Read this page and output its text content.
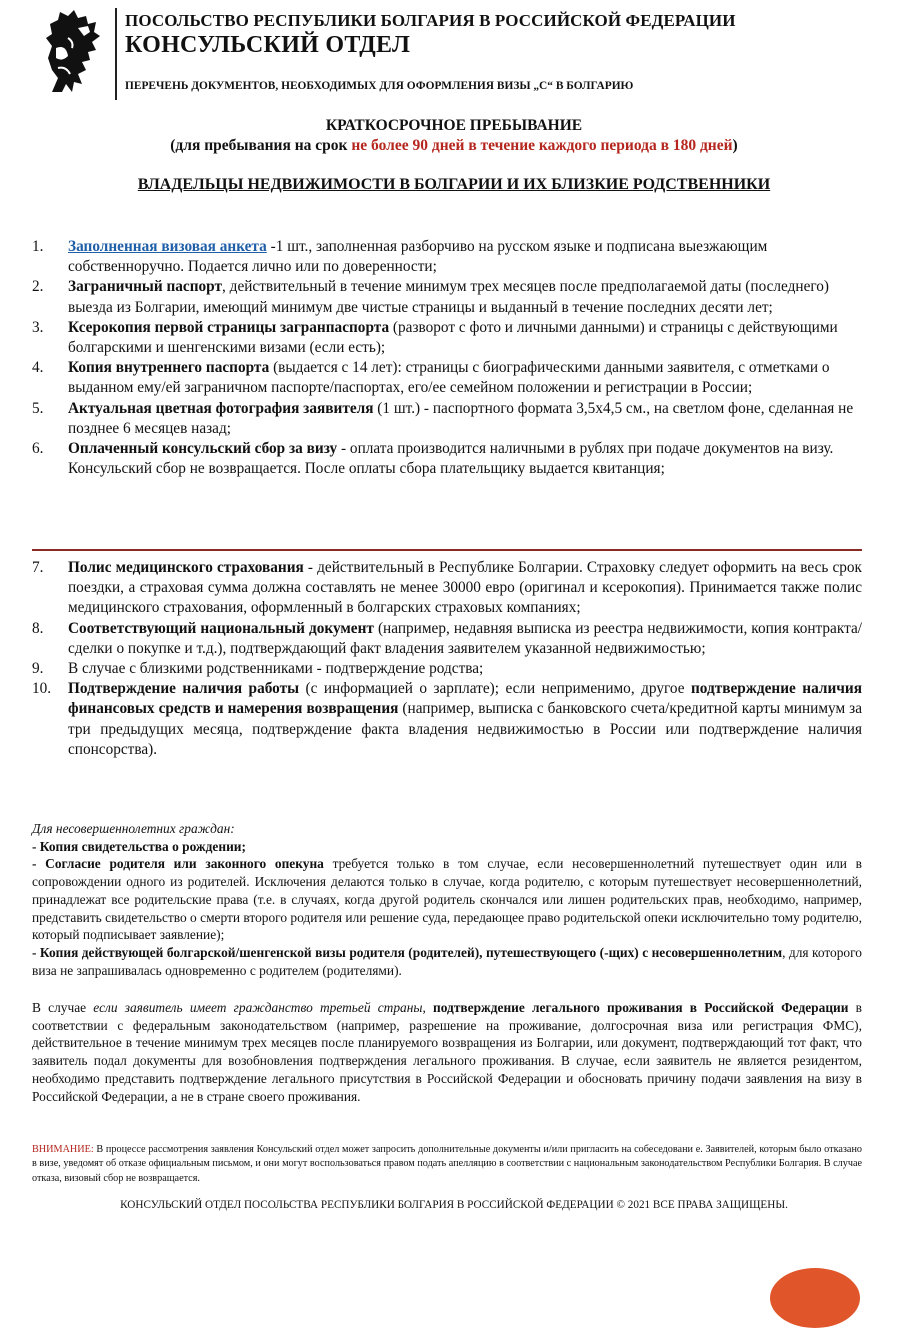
ПОСОЛЬСТВО РЕСПУБЛИКИ БОЛГАРИЯ В РОССИЙСКОЙ ФЕДЕРАЦИИ
КОНСУЛЬСКИЙ ОТДЕЛ
ПЕРЕЧЕНЬ ДОКУМЕНТОВ, НЕОБХОДИМЫХ ДЛЯ ОФОРМЛЕНИЯ ВИЗЫ „С“ В БОЛГАРИЮ
КРАТКОСРОЧНОЕ ПРЕБЫВАНИЕ
(для пребывания на срок не более 90 дней в течение каждого периода в 180 дней)
ВЛАДЕЛЬЦЫ НЕДВИЖИМОСТИ В БОЛГАРИИ И ИХ БЛИЗКИЕ РОДСТВЕННИКИ
1. Заполненная визовая анкета -1 шт., заполненная разборчиво на русском языке и подписана выезжающим собственноручно. Подается лично или по доверенности;
2. Заграничный паспорт, действительный в течение минимум трех месяцев после предполагаемой даты (последнего) выезда из Болгарии, имеющий минимум две чистые страницы и выданный в течение последних десяти лет;
3. Ксерокопия первой страницы загранпаспорта (разворот с фото и личными данными) и страницы с действующими болгарскими и шенгенскими визами (если есть);
4. Копия внутреннего паспорта (выдается с 14 лет): страницы с биографическими данными заявителя, с отметками о выданном ему/ей заграничном паспорте/паспортах, его/ее семейном положении и регистрации в России;
5. Актуальная цветная фотография заявителя (1 шт.) - паспортного формата 3,5х4,5 см., на светлом фоне, сделанная не позднее 6 месяцев назад;
6. Оплаченный консульский сбор за визу - оплата производится наличными в рублях при подаче документов на визу. Консульский сбор не возвращается. После оплаты сбора плательщику выдается квитанция;
7. Полис медицинского страхования - действительный в Республике Болгарии. Страховку следует оформить на весь срок поездки, а страховая сумма должна составлять не менее 30000 евро (оригинал и ксерокопия). Принимается также полис медицинского страхования, оформленный в болгарских страховых компаниях;
8. Соответствующий национальный документ (например, недавняя выписка из реестра недвижимости, копия контракта/сделки о покупке и т.д.), подтверждающий факт владения заявителем указанной недвижимостью;
9. В случае с близкими родственниками - подтверждение родства;
10. Подтверждение наличия работы (с информацией о зарплате); если неприменимо, другое подтверждение наличия финансовых средств и намерения возвращения (например, выписка с банковского счета/кредитной карты минимум за три предыдущих месяца, подтверждение факта владения недвижимостью в России или подтверждение наличия спонсорства).

Для несовершеннолетних граждан:

- Копия свидетельства о рождении;

- Согласие родителя или законного опекуна требуется только в том случае, если несовершеннолетний путешествует один или в сопровождении одного из родителей. Исключения делаются только в случае, когда родителю, с которым путешествует несовершеннолетний, принадлежат все родительские права (т.е. в случаях, когда другой родитель скончался или лишен родительских прав, необходимо, например, представить свидетельство о смерти второго родителя или решение суда, передающее право родительской опеки исключительно тому родителю, который подписывает заявление);

- Копия действующей болгарской/шенгенской визы родителя (родителей), путешествующего (-щих) с несовершеннолетним, для которого виза не запрашивалась одновременно с родителем (родителями).

В случае если заявитель имеет гражданство третьей страны, подтверждение легального проживания в Российской Федерации в соответствии с федеральным законодательством (например, разрешение на проживание, долгосрочная виза или регистрация ФМС), действительное в течение минимум трех месяцев после планируемого возвращения из Болгарии, или документ, подтверждающий тот факт, что заявитель подал документы для возобновления подтверждения легального проживания. В случае, если заявитель не является резидентом, необходимо представить подтверждение легального присутствия в Российской Федерации и обосновать причину подачи заявления на визу в Российской Федерации, а не в стране своего проживания.
ВНИМАНИЕ: В процессе рассмотрения заявления Консульский отдел может запросить дополнительные документы и/или пригласить на собеседовани е. Заявителей, которым было отказано в визе, уведомят об отказе официальным письмом, и они могут воспользоваться правом подать апелляцию в соответствии с национальным законодательством Республики Болгария. В случае отказа, визовый сбор не возвращается.
КОНСУЛЬСКИЙ ОТДЕЛ ПОСОЛЬСТВА РЕСПУБЛИКИ БОЛГАРИЯ В РОССИЙСКОЙ ФЕДЕРАЦИИ © 2021 ВСЕ ПРАВА ЗАЩИЩЕНЫ.
